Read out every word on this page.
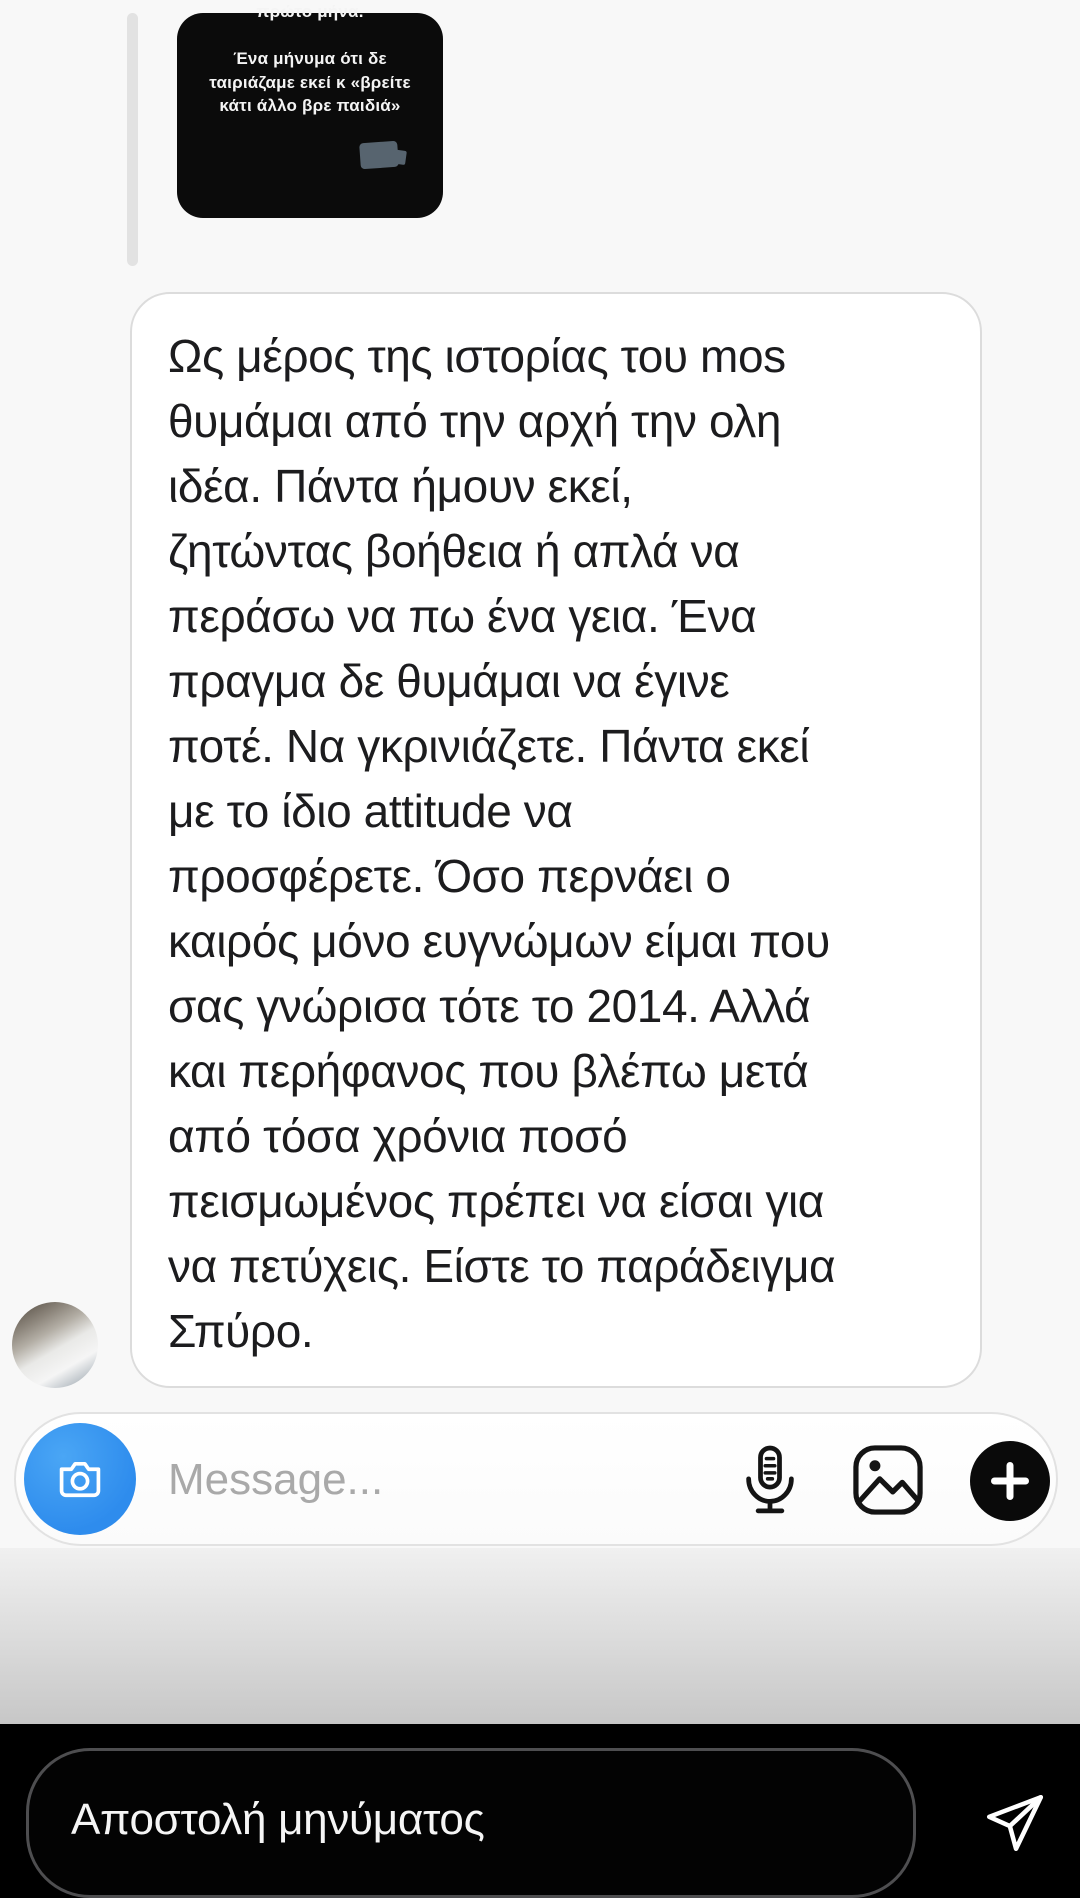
πρώτο μήνα.
Ένα μήνυμα ότι δε
ταιριάζαμε εκεί κ «βρείτε
κάτι άλλο βρε παιδιά»
Ως μέρος της ιστορίας του mos
θυμάμαι από την αρχή την ολη
ιδέα. Πάντα ήμουν εκεί,
ζητώντας βοήθεια ή απλά να
περάσω να πω ένα γεια. Ένα
πραγμα δε θυμάμαι να έγινε
ποτέ. Να γκρινιάζετε. Πάντα εκεί
με το ίδιο attitude να
προσφέρετε. Όσο περνάει ο
καιρός μόνο ευγνώμων είμαι που
σας γνώρισα τότε το 2014. Αλλά
και περήφανος που βλέπω μετά
από τόσα χρόνια ποσό
πεισμωμένος πρέπει να είσαι για
να πετύχεις. Είστε το παράδειγμα
Σπύρο.
Message...
Αποστολή μηνύματος
